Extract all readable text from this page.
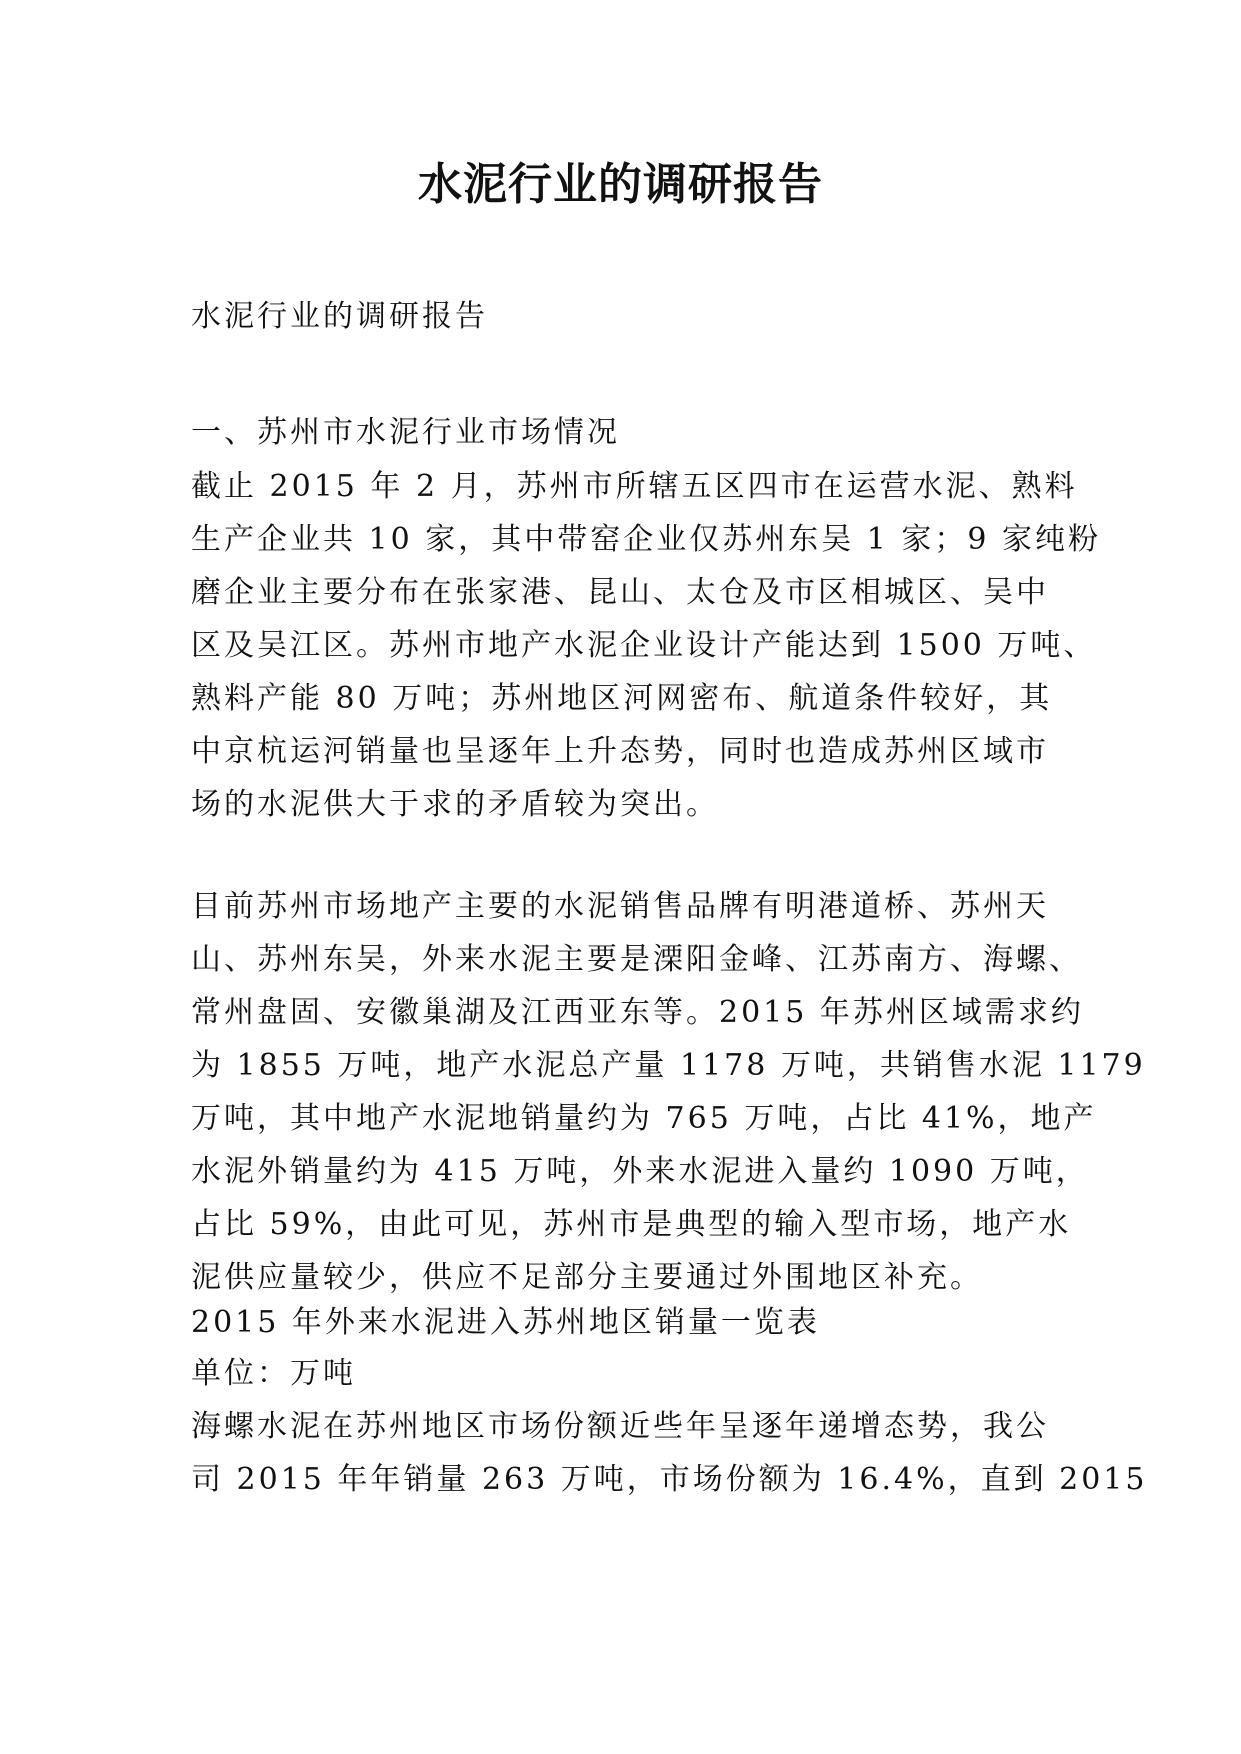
水泥行业的调研报告
水泥行业的调研报告
一、苏州市水泥行业市场情况
截止 2015 年 2 月，苏州市所辖五区四市在运营水泥、熟料
生产企业共 10 家，其中带窑企业仅苏州东吴 1 家；9 家纯粉
磨企业主要分布在张家港、昆山、太仓及市区相城区、吴中
区及吴江区。苏州市地产水泥企业设计产能达到 1500 万吨、
熟料产能 80 万吨；苏州地区河网密布、航道条件较好，其
中京杭运河销量也呈逐年上升态势，同时也造成苏州区域市
场的水泥供大于求的矛盾较为突出。
目前苏州市场地产主要的水泥销售品牌有明港道桥、苏州天
山、苏州东吴，外来水泥主要是溧阳金峰、江苏南方、海螺、
常州盘固、安徽巢湖及江西亚东等。2015 年苏州区域需求约
为 1855 万吨，地产水泥总产量 1178 万吨，共销售水泥 1179
万吨，其中地产水泥地销量约为 765 万吨，占比 41%，地产
水泥外销量约为 415 万吨，外来水泥进入量约 1090 万吨，
占比 59%，由此可见，苏州市是典型的输入型市场，地产水
泥供应量较少，供应不足部分主要通过外围地区补充。
2015 年外来水泥进入苏州地区销量一览表
单位：万吨
海螺水泥在苏州地区市场份额近些年呈逐年递增态势，我公
司 2015 年年销量 263 万吨，市场份额为 16.4%，直到 2015
